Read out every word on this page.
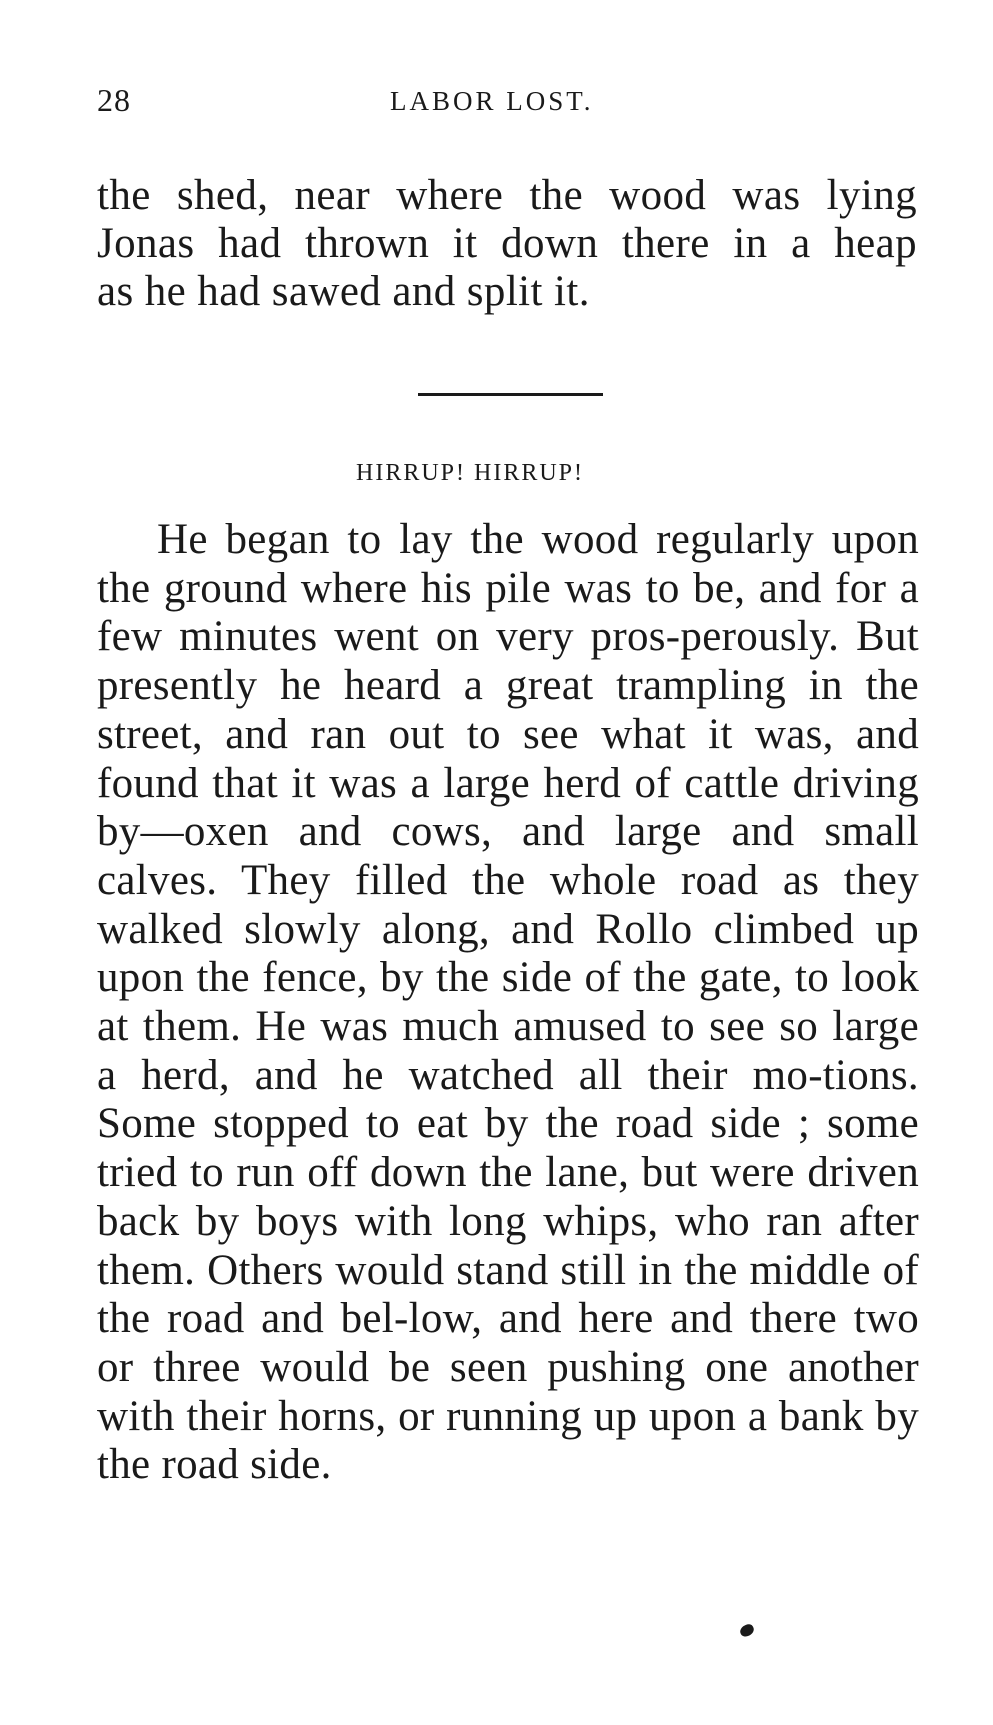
28	LABOR LOST.
the shed, near where the wood was lying
Jonas had thrown it down there in a heap
as he had sawed and split it.
HIRRUP! HIRRUP!

He began to lay the wood regularly upon the ground where his pile was to be, and for a few minutes went on very pros-perously. But presently he heard a great trampling in the street, and ran out to see what it was, and found that it was a large herd of cattle driving by—oxen and cows, and large and small calves. They filled the whole road as they walked slowly along, and Rollo climbed up upon the fence, by the side of the gate, to look at them. He was much amused to see so large a herd, and he watched all their mo-tions. Some stopped to eat by the road side ; some tried to run off down the lane, but were driven back by boys with long whips, who ran after them. Others would stand still in the middle of the road and bel-low, and here and there two or three would be seen pushing one another with their horns, or running up upon a bank by the road side.
